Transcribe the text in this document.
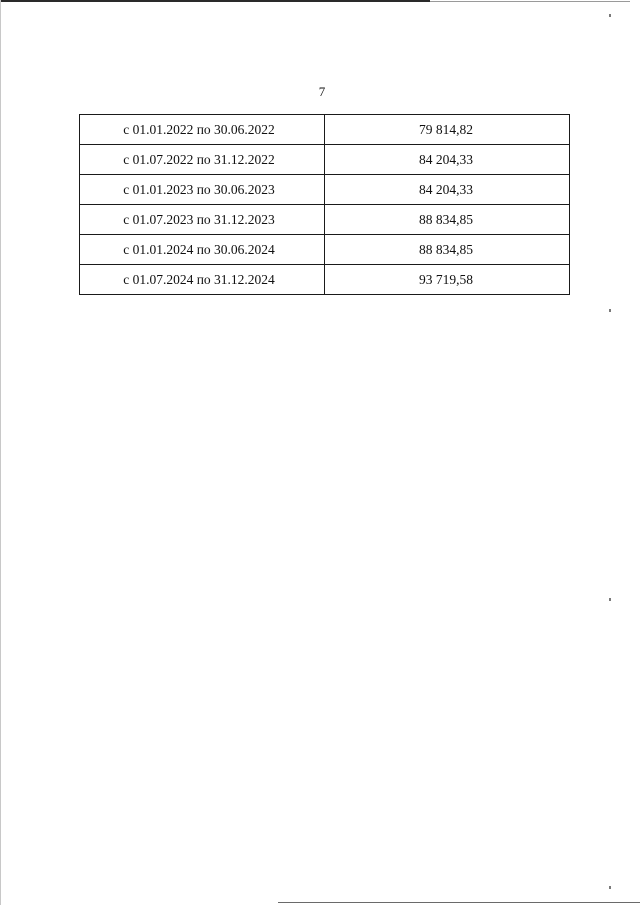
7
с 01.01.2022 по 30.06.2022	79 814,82
с 01.07.2022 по 31.12.2022	84 204,33
с 01.01.2023 по 30.06.2023	84 204,33
с 01.07.2023 по 31.12.2023	88 834,85
с 01.01.2024 по 30.06.2024	88 834,85
с 01.07.2024 по 31.12.2024	93 719,58
